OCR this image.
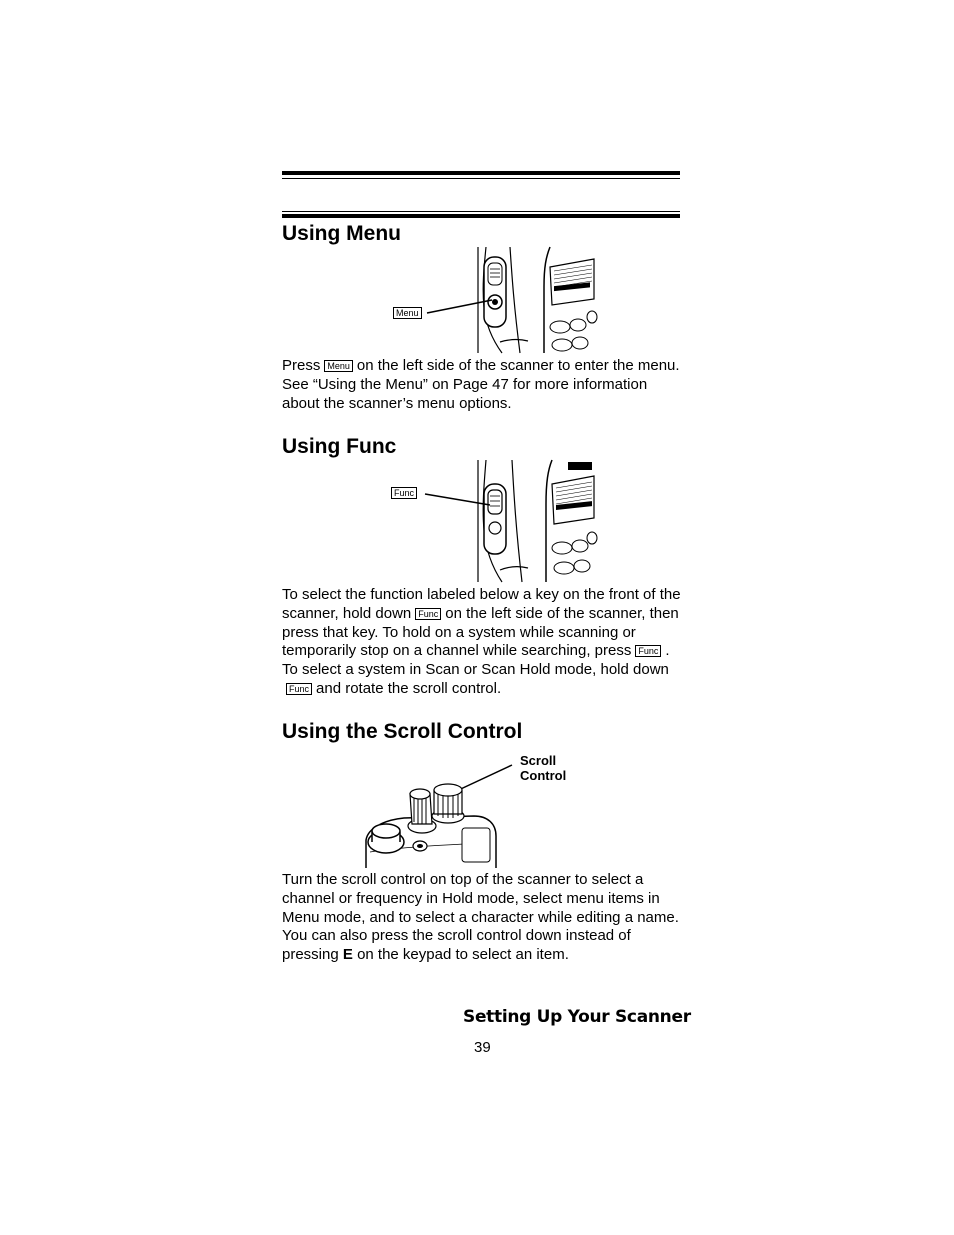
Using Menu
Menu

Press Menu on the left side of the scanner to enter the menu. See “Using the Menu” on Page 47 for more information about the scanner’s menu options.

Using Func
Func

To select the function labeled below a key on the front of the scanner, hold down Func on the left side of the scanner, then press that key. To hold on a system while scanning or temporarily stop on a channel while searching, press Func . To select a system in Scan or Scan Hold mode, hold down Func and rotate the scroll control.

Using the Scroll Control
Scroll
Control

Turn the scroll control on top of the scanner to select a channel or frequency in Hold mode, select menu items in Menu mode, and to select a character while editing a name. You can also press the scroll control down instead of pressing E on the keypad to select an item.

Setting Up Your Scanner
39
